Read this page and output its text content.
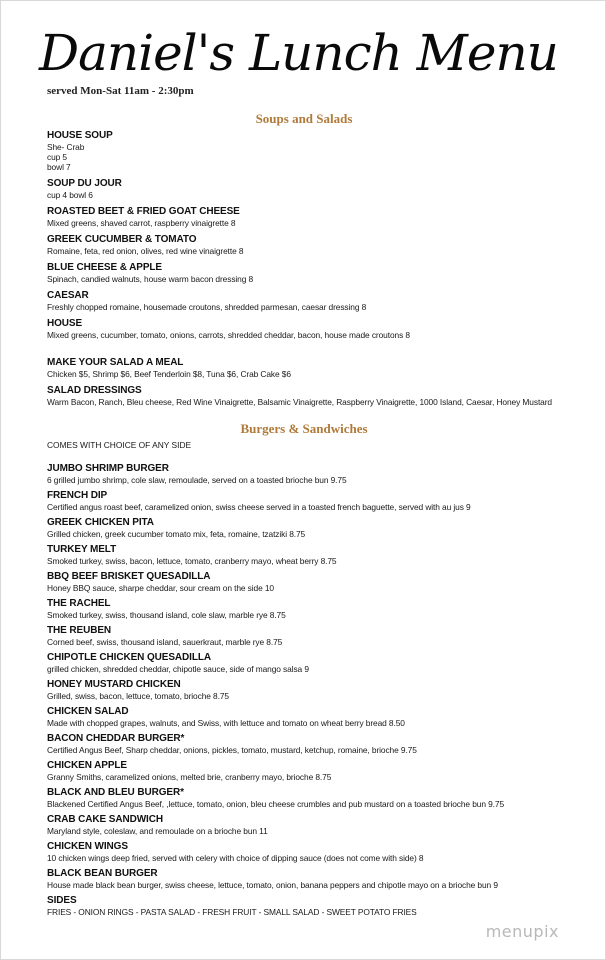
Daniel's Lunch Menu
served Mon-Sat 11am - 2:30pm
Soups and Salads
HOUSE SOUP
She- Crab
cup 5
bowl 7
SOUP DU JOUR
cup 4 bowl 6
ROASTED BEET & FRIED GOAT CHEESE
Mixed greens, shaved carrot, raspberry vinaigrette 8
GREEK CUCUMBER & TOMATO
Romaine, feta, red onion, olives, red wine vinaigrette 8
BLUE CHEESE & APPLE
Spinach, candied walnuts, house warm bacon dressing 8
CAESAR
Freshly chopped romaine, housemade croutons, shredded parmesan, caesar dressing 8
HOUSE
Mixed greens, cucumber, tomato, onions, carrots, shredded cheddar, bacon, house made croutons 8
MAKE YOUR SALAD A MEAL
Chicken $5, Shrimp $6, Beef Tenderloin $8, Tuna $6, Crab Cake $6
SALAD DRESSINGS
Warm Bacon, Ranch, Bleu cheese, Red Wine Vinaigrette, Balsamic Vinaigrette, Raspberry Vinaigrette, 1000 Island, Caesar, Honey Mustard
Burgers & Sandwiches
COMES WITH CHOICE OF ANY SIDE
JUMBO SHRIMP BURGER
6 grilled jumbo shrimp, cole slaw, remoulade, served on a toasted brioche bun 9.75
FRENCH DIP
Certified angus roast beef, caramelized onion, swiss cheese served in a toasted french baguette, served with au jus 9
GREEK CHICKEN PITA
Grilled chicken, greek cucumber tomato mix, feta, romaine, tzatziki 8.75
TURKEY MELT
Smoked turkey, swiss, bacon, lettuce, tomato, cranberry mayo, wheat berry 8.75
BBQ BEEF BRISKET QUESADILLA
Honey BBQ sauce, sharpe cheddar, sour cream on the side 10
THE RACHEL
Smoked turkey, swiss, thousand island, cole slaw, marble rye 8.75
THE REUBEN
Corned beef, swiss, thousand island, sauerkraut, marble rye 8.75
CHIPOTLE CHICKEN QUESADILLA
grilled chicken, shredded cheddar, chipotle sauce, side of mango salsa 9
HONEY MUSTARD CHICKEN
Grilled, swiss, bacon, lettuce, tomato, brioche 8.75
CHICKEN SALAD
Made with chopped grapes, walnuts, and Swiss, with lettuce and tomato on wheat berry bread 8.50
BACON CHEDDAR BURGER*
Certified Angus Beef, Sharp cheddar, onions, pickles, tomato, mustard, ketchup, romaine, brioche 9.75
CHICKEN APPLE
Granny Smiths, caramelized onions, melted brie, cranberry mayo, brioche 8.75
BLACK AND BLEU BURGER*
Blackened Certified Angus Beef, ,lettuce, tomato, onion, bleu cheese crumbles and pub mustard on a toasted brioche bun 9.75
CRAB CAKE SANDWICH
Maryland style, coleslaw, and remoulade on a brioche bun 11
CHICKEN WINGS
10 chicken wings deep fried, served with celery with choice of dipping sauce (does not come with side) 8
BLACK BEAN BURGER
House made black bean burger, swiss cheese, lettuce, tomato, onion, banana peppers and chipotle mayo on a brioche bun 9
SIDES
FRIES - ONION RINGS - PASTA SALAD - FRESH FRUIT - SMALL SALAD - SWEET POTATO FRIES
menupix
